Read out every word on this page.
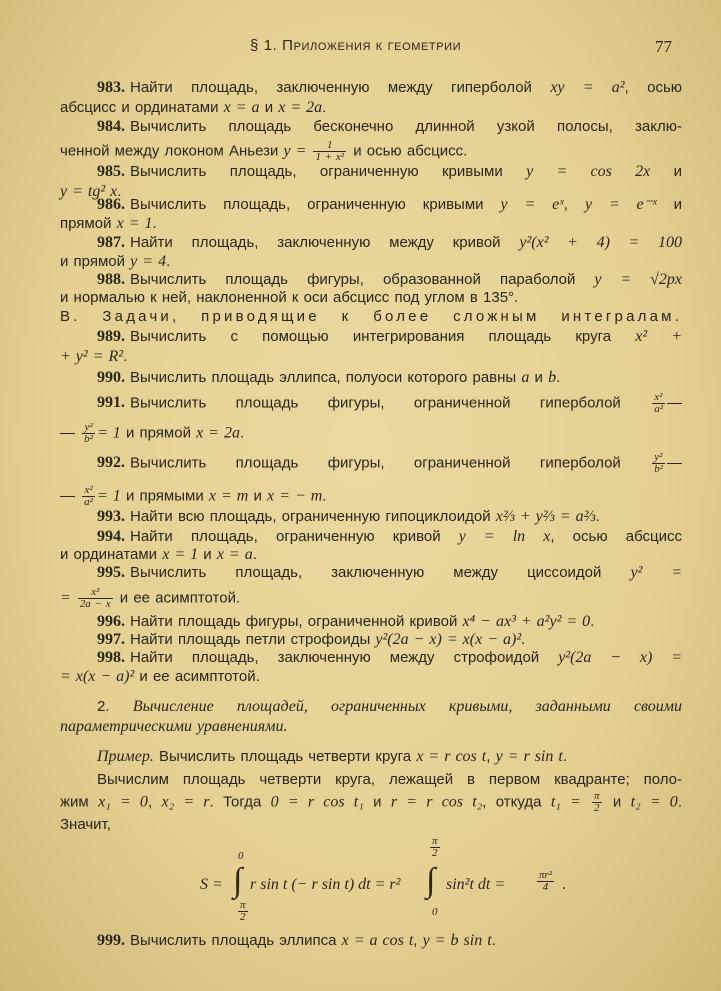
§ 1. Приложения к геометрии	77
983. Найти площадь, заключенную между гиперболой xy = a², осью
абсцисс и ординатами x = a и x = 2a.
984. Вычислить площадь бесконечно длинной узкой полосы, заклю-
ченной между локоном Аньези $y = \frac{1}{\text{1 + x²}}$ и осью абсцисс.
985. Вычислить площадь, ограниченную кривыми y = cos 2x и
y = tg² x.
986. Вычислить площадь, ограниченную кривыми y = eˣ, y = e⁻ˣ и
прямой x = 1.
987. Найти площадь, заключенную между кривой y²(x² + 4) = 100
и прямой y = 4.
988. Вычислить площадь фигуры, образованной параболой y = √2px
и нормалью к ней, наклоненной к оси абсцисс под углом в 135°.
В. Задачи, приводящие к более сложным интегралам.
989. Вычислить с помощью интегрирования площадь круга x² +
+ y² = R².
990. Вычислить площадь эллипса, полуоси которого равны a и b.
991. Вычислить площадь фигуры, ограниченной гиперболой $\frac{\text{x²}}{\text{a²}}$ —
— $\frac{\text{y²}}{\text{b²}} = 1$ и прямой x = 2a.
992. Вычислить площадь фигуры, ограниченной гиперболой $\frac{\text{y²}}{\text{b²}}$ —
— $\frac{\text{x²}}{\text{a²}} = 1$ и прямыми x = m и x = − m.
993. Найти всю площадь, ограниченную гипоциклоидой x⅔ + y⅔ = a⅔.
994. Найти площадь, ограниченную кривой y = ln x, осью абсцисс
и ординатами x = 1 и x = a.
995. Вычислить площадь, заключенную между циссоидой y² =
= $\frac{\text{x³}}{2a - x}$ и ее асимптотой.
996. Найти площадь фигуры, ограниченной кривой x⁴ − ax³ + a²y² = 0.
997. Найти площадь петли строфоиды y²(2a − x) = x(x − a)².
998. Найти площадь, заключенную между строфоидой y²(2a − x) =
= x(x − a)² и ее асимптотой.
2. Вычисление площадей, ограниченных кривыми, заданными своими
параметрическими уравнениями.
Пример. Вычислить площадь четверти круга x = r cos t, y = r sin t.
Вычислим площадь четверти круга, лежащей в первом квадранте; поло-
жим x₁ = 0, x₂ = r. Тогда 0 = r cos t₁ и r = r cos t₂, откуда $t_1 = \frac{\pi}{2}$ и t₂ = 0.
Значит,
999. Вычислить площадь эллипса x = a cos t, y = b sin t.
S = ∫
0
$\frac{\pi}{2}$
r sin t (− r sin t) dt = r² ∫
$\frac{\pi}{2}$
0
sin²t dt =	$\frac{\text{πr²}}{4}$ .
